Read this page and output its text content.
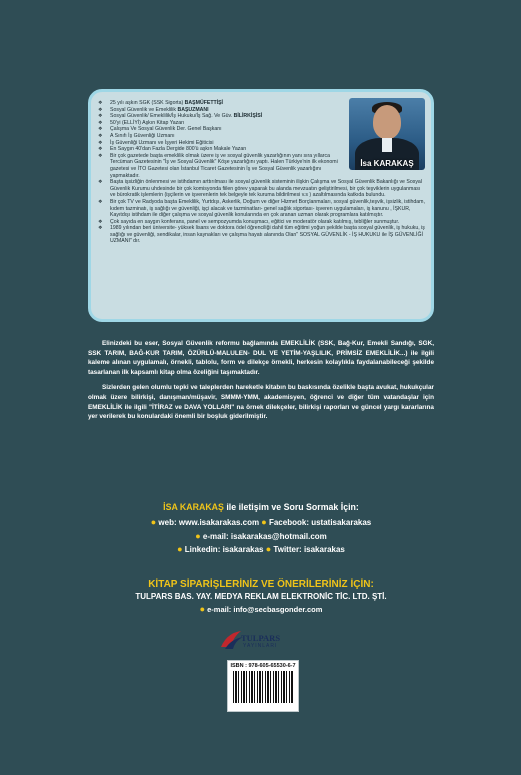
❖ 25 yılı aşkın SGK (SSK Sigorta) BAŞMÜFETTİŞİ
❖ Sosyal Güvenlik ve Emeklilik BAŞUZMANI
❖ Sosyal Güvenlik/ Emeklilik/İş Hukuku/İş Sağ. Ve Güv. BİLİRKİŞİSİ
❖ 50'yi (ELLİYİ) Aşkın Kitap Yazarı
❖ Çalışma Ve Sosyal Güvenlik Der. Genel Başkanı
❖ A Sınıfı İş Güvenliği Uzmanı
❖ İş Güvenliği Uzmanı ve İşyeri Hekimi Eğiticisi
❖ En Saygın 40'dan Fazla Dergide 800'ü aşkın Makale Yazarı
❖ Bir çok gazetede başta emeklilik olmak üzere iş ve sosyal güvenlik yazarlığının yanı sıra yıllarca Tercüman Gazetesinin "İş ve Sosyal Güvenlik" Köşe yazarlığını yaptı. Halen Türkiye'nin ilk ekonomi gazetesi ve İTO Gazetesi olan İstanbul Ticaret Gazetesinin İş ve Sosyal Güvenlik yazarlığını yapmaktadır.
❖ Başta işsizliğin önlenmesi ve istihdamın arttırılması ile sosyal güvenlik sisteminin ilişkin Çalışma ve Sosyal Güvenlik Bakanlığı ve Sosyal Güvenlik Kurumu uhdesinde bir çok komisyonda fiilen görev yaparak bu alanda mevzuatın geliştirilmesi, bir çok teşviklerin uygulanması ve bürokratik işlemlerin (işçilerin ve işverenlerin tek belgeyle tek kuruma bildirilmesi v.s ) azaltılmasında katkıda bulundu.
❖ Bir çok TV ve Radyoda başta Emeklilik, Yurtdışı, Askerlik, Doğum ve diğer Hizmet Borçlanmaları, sosyal güvenlik,teşvik, işsizlik, istihdam, kıdem tazminatı, iş sağlığı ve güvenliği, işçi alacak ve tazminatları- genel sağlık sigortası- işveren uygulamaları, iş kanunu , İŞKUR, Kayıtdışı istihdam ile diğer çalışma ve sosyal güvenlik konularında en çok aranan uzman olarak programlara katılmıştır.
❖ Çok sayıda en saygın konferans, panel ve sempozyumda konuşmacı, eğitici ve moderatör olarak katılmış, tebliğler sunmuştur.
❖ 1989 yılından beri üniversite- yüksek lisans ve doktora ödel öğrenciliği dahil tüm eğitimi yoğun şekilde başta sosyal güvenlik, iş hukuku, iş sağlığı ve güvenliği, sendikalar, insan kaynakları ve çalışma hayatı alanında Olan" SOSYAL GÜVENLİK - İŞ HUKUKU ile İŞ GÜVENLİĞİ UZMANI" dır.
İsa KARAKAŞ

Elinizdeki bu eser, Sosyal Güvenlik reformu bağlamında EMEKLİLİK (SSK, Bağ-Kur, Emekli Sandığı, SGK, SSK TARIM, BAĞ-KUR TARIM, ÖZÜRLÜ-MALULEN- DUL VE YETİM-YAŞLILIK, PRİMSİZ EMEKLİLİK...) ile ilgili kaleme alınan uygulamalı, örnekli, tablolu, form ve dilekçe örnekli, herkesin kolaylıkla faydalanabileceği şekilde tasarlanan ilk kapsamlı kitap olma özeliğini taşımaktadır.

Sizlerden gelen olumlu tepki ve taleplerden hareketle kitabın bu baskısında özelikle başta avukat, hukukçular olmak üzere bilirkişi, danışman/müşavir, SMMM-YMM, akademisyen, öğrenci ve diğer tüm vatandaşlar için EMEKLİLİK ile ilgili "İTİRAZ ve DAVA YOLLARI" na örnek dilekçeler, bilirkişi raporları ve güncel yargı kararlarına yer verilerek bu konulardaki önemli bir boşluk giderilmiştir.

İSA KARAKAŞ ile iletişim ve Soru Sormak İçin:
● web: www.isakarakas.com ● Facebook: ustatisakarakas
● e-mail: isakarakas@hotmail.com
● Linkedin: isakarakas ● Twitter: isakarakas
KİTAP SİPARİŞLERİNİZ VE ÖNERİLERİNİZ İÇİN:
TULPARS BAS. YAY. MEDYA REKLAM ELEKTRONİC TİC. LTD. ŞTİ.
● e-mail: info@secbasgonder.com
TULPARS
YAYINLARI
ISBN : 978-605-65530-6-7
